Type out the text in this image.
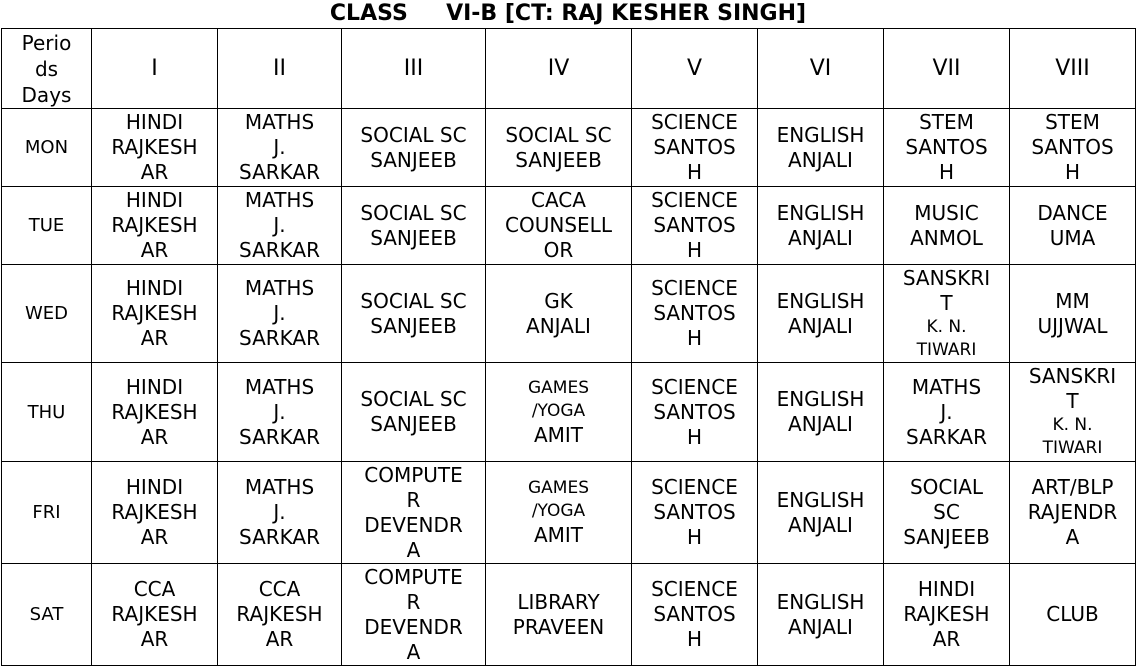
CLASS     VI-B [CT: RAJ KESHER SINGH]
Perio
ds
Days	I	II	III	IV	V	VI	VII	VIII
MON	HINDI
RAJKESH
AR	MATHS
J.
SARKAR	SOCIAL SC
SANJEEB	SOCIAL SC
SANJEEB	SCIENCE
SANTOS
H	ENGLISH
ANJALI	STEM
SANTOS
H	STEM
SANTOS
H

TUE	HINDI
RAJKESH
AR	MATHS
J.
SARKAR	SOCIAL SC
SANJEEB	CACA
COUNSELL
OR	SCIENCE
SANTOS
H	ENGLISH
ANJALI	MUSIC
ANMOL	DANCE
UMA

WED	HINDI
RAJKESH
AR	MATHS
J.
SARKAR	SOCIAL SC
SANJEEB	GK
ANJALI	SCIENCE
SANTOS
H	ENGLISH
ANJALI	SANSKRI
T
K. N.
TIWARI	MM
UJJWAL

THU	HINDI
RAJKESH
AR	MATHS
J.
SARKAR	SOCIAL SC
SANJEEB	GAMES
/YOGA
AMIT	SCIENCE
SANTOS
H	ENGLISH
ANJALI	MATHS
J.
SARKAR	SANSKRI
T
K. N.
TIWARI

FRI	HINDI
RAJKESH
AR	MATHS
J.
SARKAR	COMPUTE
R
DEVENDR
A	GAMES
/YOGA
AMIT	SCIENCE
SANTOS
H	ENGLISH
ANJALI	SOCIAL
SC
SANJEEB	ART/BLP
RAJENDR
A

SAT	CCA
RAJKESH
AR	CCA
RAJKESH
AR	COMPUTE
R
DEVENDR
A	LIBRARY
PRAVEEN	SCIENCE
SANTOS
H	ENGLISH
ANJALI	HINDI
RAJKESH
AR	CLUB
